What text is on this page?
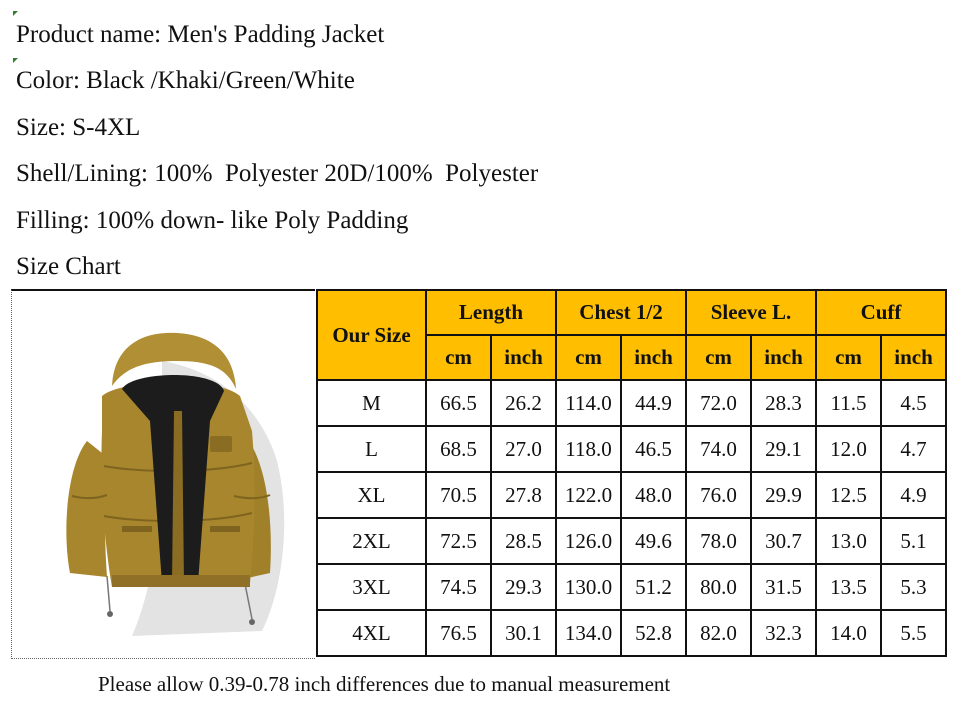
Product name: Men's Padding Jacket
Color: Black /Khaki/Green/White
Size: S-4XL
Shell/Lining: 100%  Polyester 20D/100%  Polyester
Filling: 100% down- like Poly Padding
Size Chart
Our Size	Length		Chest 1/2		Sleeve L.		Cuff	
	cm	inch	cm	inch	cm	inch	cm	inch
M	66.5	26.2	114.0	44.9	72.0	28.3	11.5	4.5
L	68.5	27.0	118.0	46.5	74.0	29.1	12.0	4.7
XL	70.5	27.8	122.0	48.0	76.0	29.9	12.5	4.9
2XL	72.5	28.5	126.0	49.6	78.0	30.7	13.0	5.1
3XL	74.5	29.3	130.0	51.2	80.0	31.5	13.5	5.3
4XL	76.5	30.1	134.0	52.8	82.0	32.3	14.0	5.5
Please allow 0.39-0.78 inch differences due to manual measurement
